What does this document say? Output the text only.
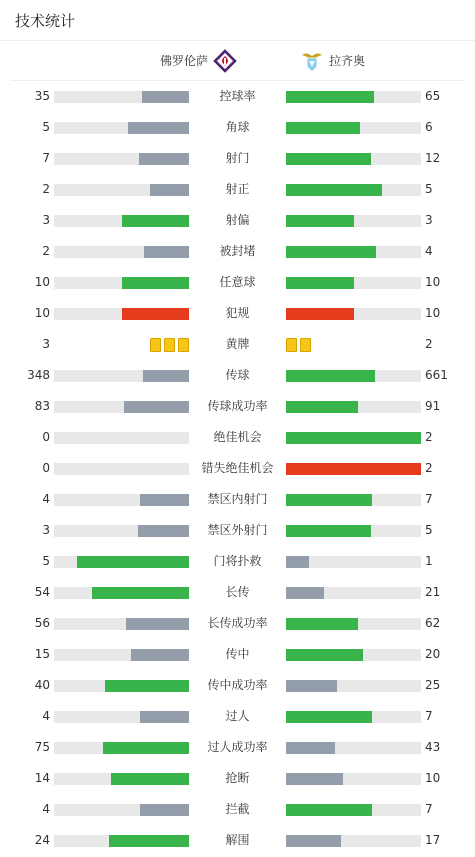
技术统计
佛罗伦萨	拉齐奥
35	控球率	65
5	角球	6
7	射门	12
2	射正	5
3	射偏	3
2	被封堵	4
10	任意球	10
10	犯规	10
3	黄牌	2
348	传球	661
83	传球成功率	91
0	绝佳机会	2
0	错失绝佳机会	2
4	禁区内射门	7
3	禁区外射门	5
5	门将扑救	1
54	长传	21
56	长传成功率	62
15	传中	20
40	传中成功率	25
4	过人	7
75	过人成功率	43
14	抢断	10
4	拦截	7
24	解围	17
